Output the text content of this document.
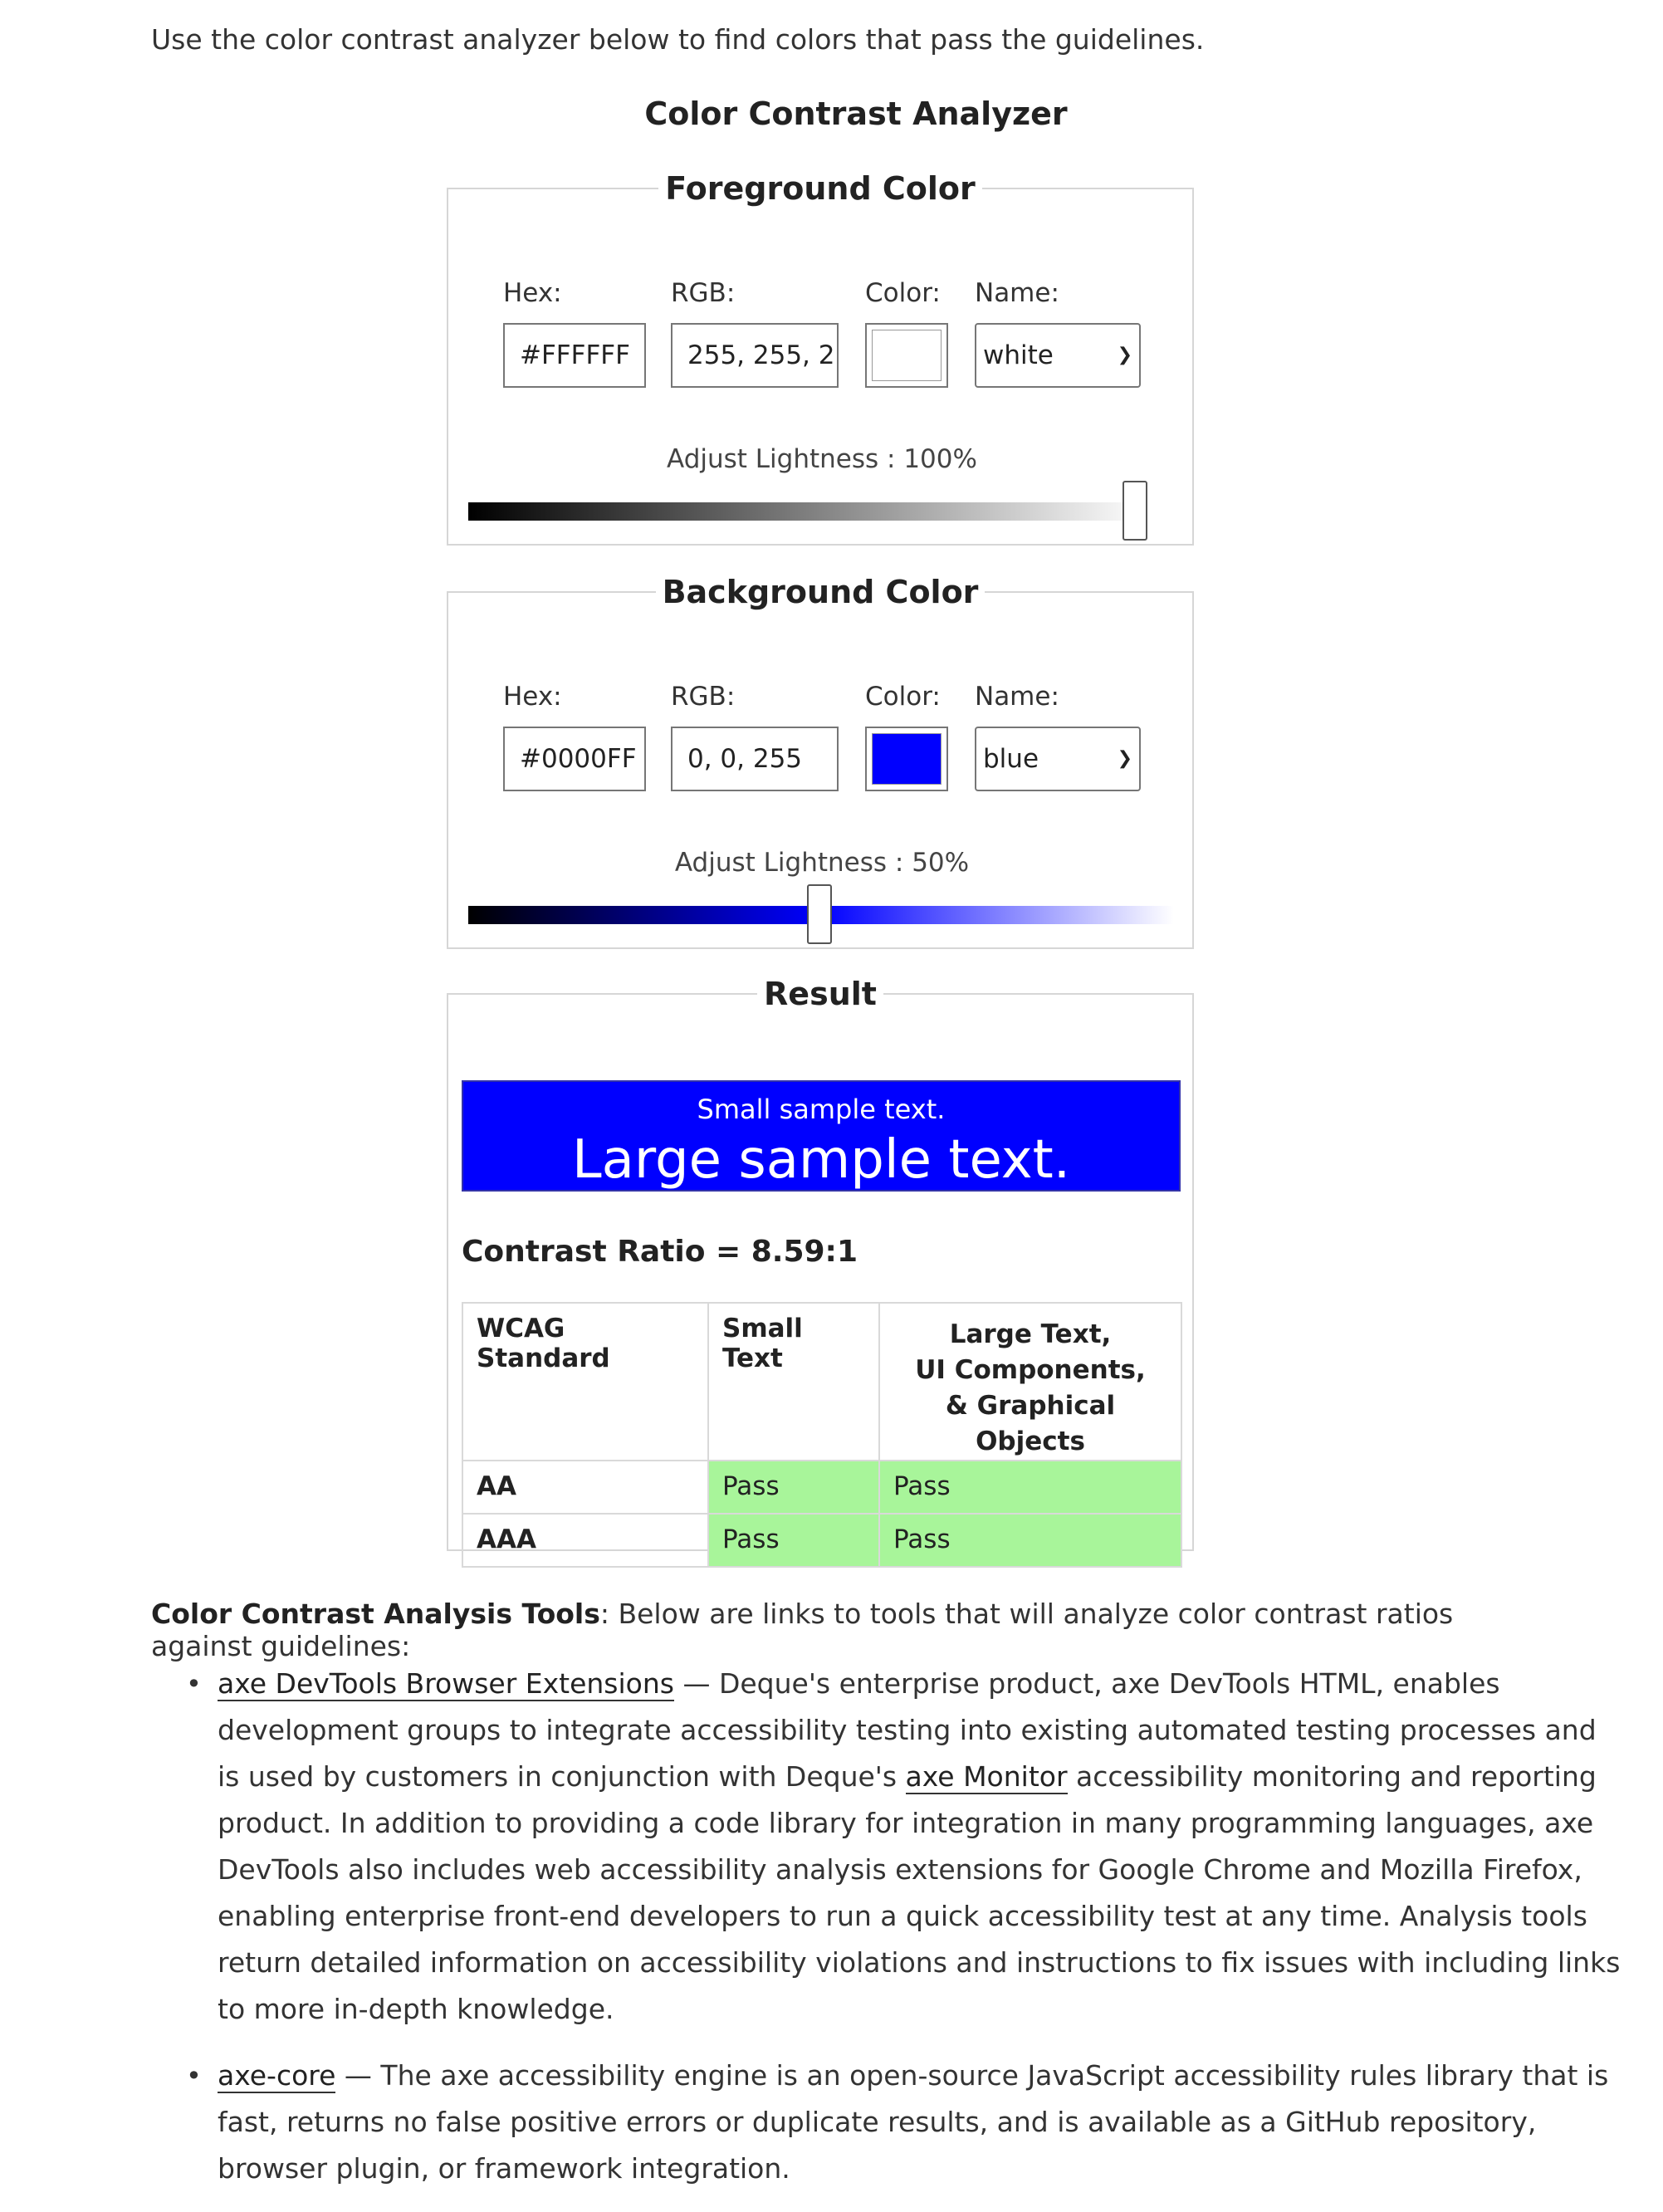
Use the color contrast analyzer below to find colors that pass the guidelines.
Color Contrast Analyzer
Foreground Color
Hex:	RGB:	Color: Name:
#FFFFFF	255, 255, 2	white	❯
Adjust Lightness : 100%
Background Color
Hex:	RGB:	Color: Name:
#0000FF	0, 0, 255	blue	❯
Adjust Lightness : 50%
Result
Small sample text.
Large sample text.
Contrast Ratio = 8.59:1
WCAG Standard	Small Text	Large Text,
UI Components,
& Graphical Objects

AA	Pass	Pass
AAA	Pass	Pass
Color Contrast Analysis Tools: Below are links to tools that will analyze color contrast ratios against guidelines:
• axe DevTools Browser Extensions — Deque's enterprise product, axe DevTools HTML, enables development groups to integrate accessibility testing into existing automated testing processes and is used by customers in conjunction with Deque's axe Monitor accessibility monitoring and reporting product. In addition to providing a code library for integration in many programming languages, axe DevTools also includes web accessibility analysis extensions for Google Chrome and Mozilla Firefox, enabling enterprise front-end developers to run a quick accessibility test at any time. Analysis tools return detailed information on accessibility violations and instructions to fix issues with including links to more in-depth knowledge.
• axe-core — The axe accessibility engine is an open-source JavaScript accessibility rules library that is fast, returns no false positive errors or duplicate results, and is available as a GitHub repository, browser plugin, or framework integration.
